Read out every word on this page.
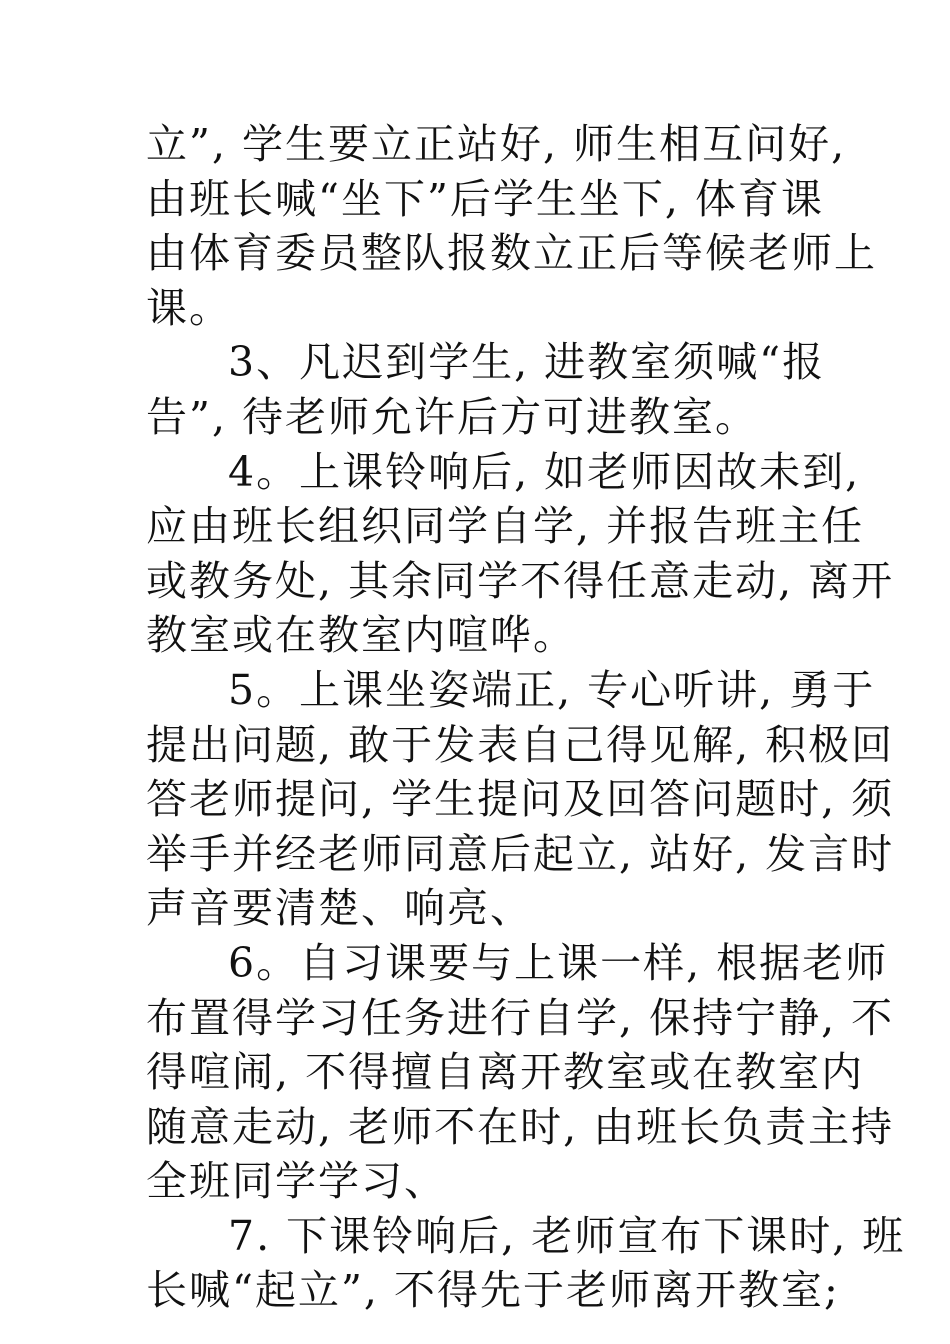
立”, 学生要立正站好, 师生相互问好,
由班长喊“坐下”后学生坐下, 体育课
由体育委员整队报数立正后等候老师上
课。

3、凡迟到学生, 进教室须喊“报
告”, 待老师允许后方可进教室。

4。上课铃响后, 如老师因故未到,
应由班长组织同学自学, 并报告班主任
或教务处, 其余同学不得任意走动, 离开
教室或在教室内喧哗。

5。上课坐姿端正, 专心听讲, 勇于
提出问题, 敢于发表自己得见解, 积极回
答老师提问, 学生提问及回答问题时, 须
举手并经老师同意后起立, 站好, 发言时
声音要清楚、响亮、

6。自习课要与上课一样, 根据老师
布置得学习任务进行自学, 保持宁静, 不
得喧闹, 不得擅自离开教室或在教室内
随意走动, 老师不在时, 由班长负责主持
全班同学学习、

7. 下课铃响后, 老师宣布下课时, 班
长喊“起立”, 不得先于老师离开教室;
